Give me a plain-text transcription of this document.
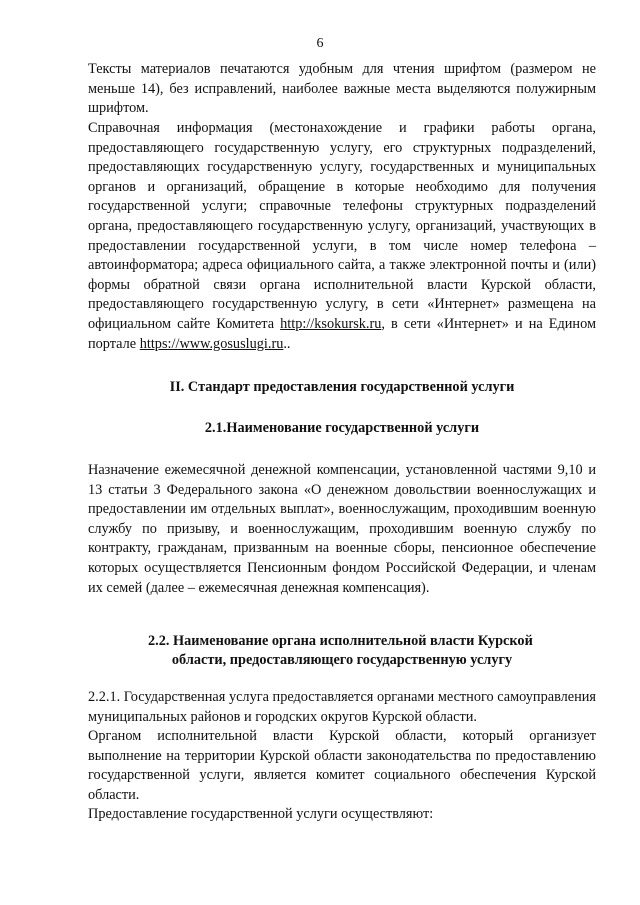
6

Тексты материалов печатаются удобным для чтения шрифтом (размером не меньше 14), без исправлений, наиболее важные места выделяются полужирным шрифтом.

Справочная информация (местонахождение и графики работы органа, предоставляющего государственную услугу, его структурных подразделений, предоставляющих государственную услугу, государственных и муниципальных органов и организаций, обращение в которые необходимо для получения государственной услуги; справочные телефоны структурных подразделений органа, предоставляющего государственную услугу, организаций, участвующих в предоставлении государственной услуги, в том числе номер телефона – автоинформатора; адреса официального сайта, а также электронной почты и (или) формы обратной связи органа исполнительной власти Курской области, предоставляющего государственную услугу, в сети «Интернет» размещена на официальном сайте Комитета http://ksokursk.ru, в сети «Интернет» и на Едином портале https://www.gosuslugi.ru..

II. Стандарт предоставления государственной услуги
2.1.Наименование государственной услуги

Назначение ежемесячной денежной компенсации, установленной частями 9,10 и 13 статьи 3 Федерального закона «О денежном довольствии военнослужащих и предоставлении им отдельных выплат», военнослужащим, проходившим военную службу по призыву, и военнослужащим, проходившим военную службу по контракту, гражданам, призванным на военные сборы, пенсионное обеспечение которых осуществляется Пенсионным фондом Российской Федерации, и членам их семей (далее – ежемесячная денежная компенсация).

2.2. Наименование органа исполнительной власти Курской
области, предоставляющего государственную услугу

2.2.1. Государственная услуга предоставляется органами местного самоуправления муниципальных районов и городских округов Курской области.

Органом исполнительной власти Курской области, который организует выполнение на территории Курской области законодательства по предоставлению государственной услуги, является комитет социального обеспечения Курской области.

Предоставление государственной услуги осуществляют:
